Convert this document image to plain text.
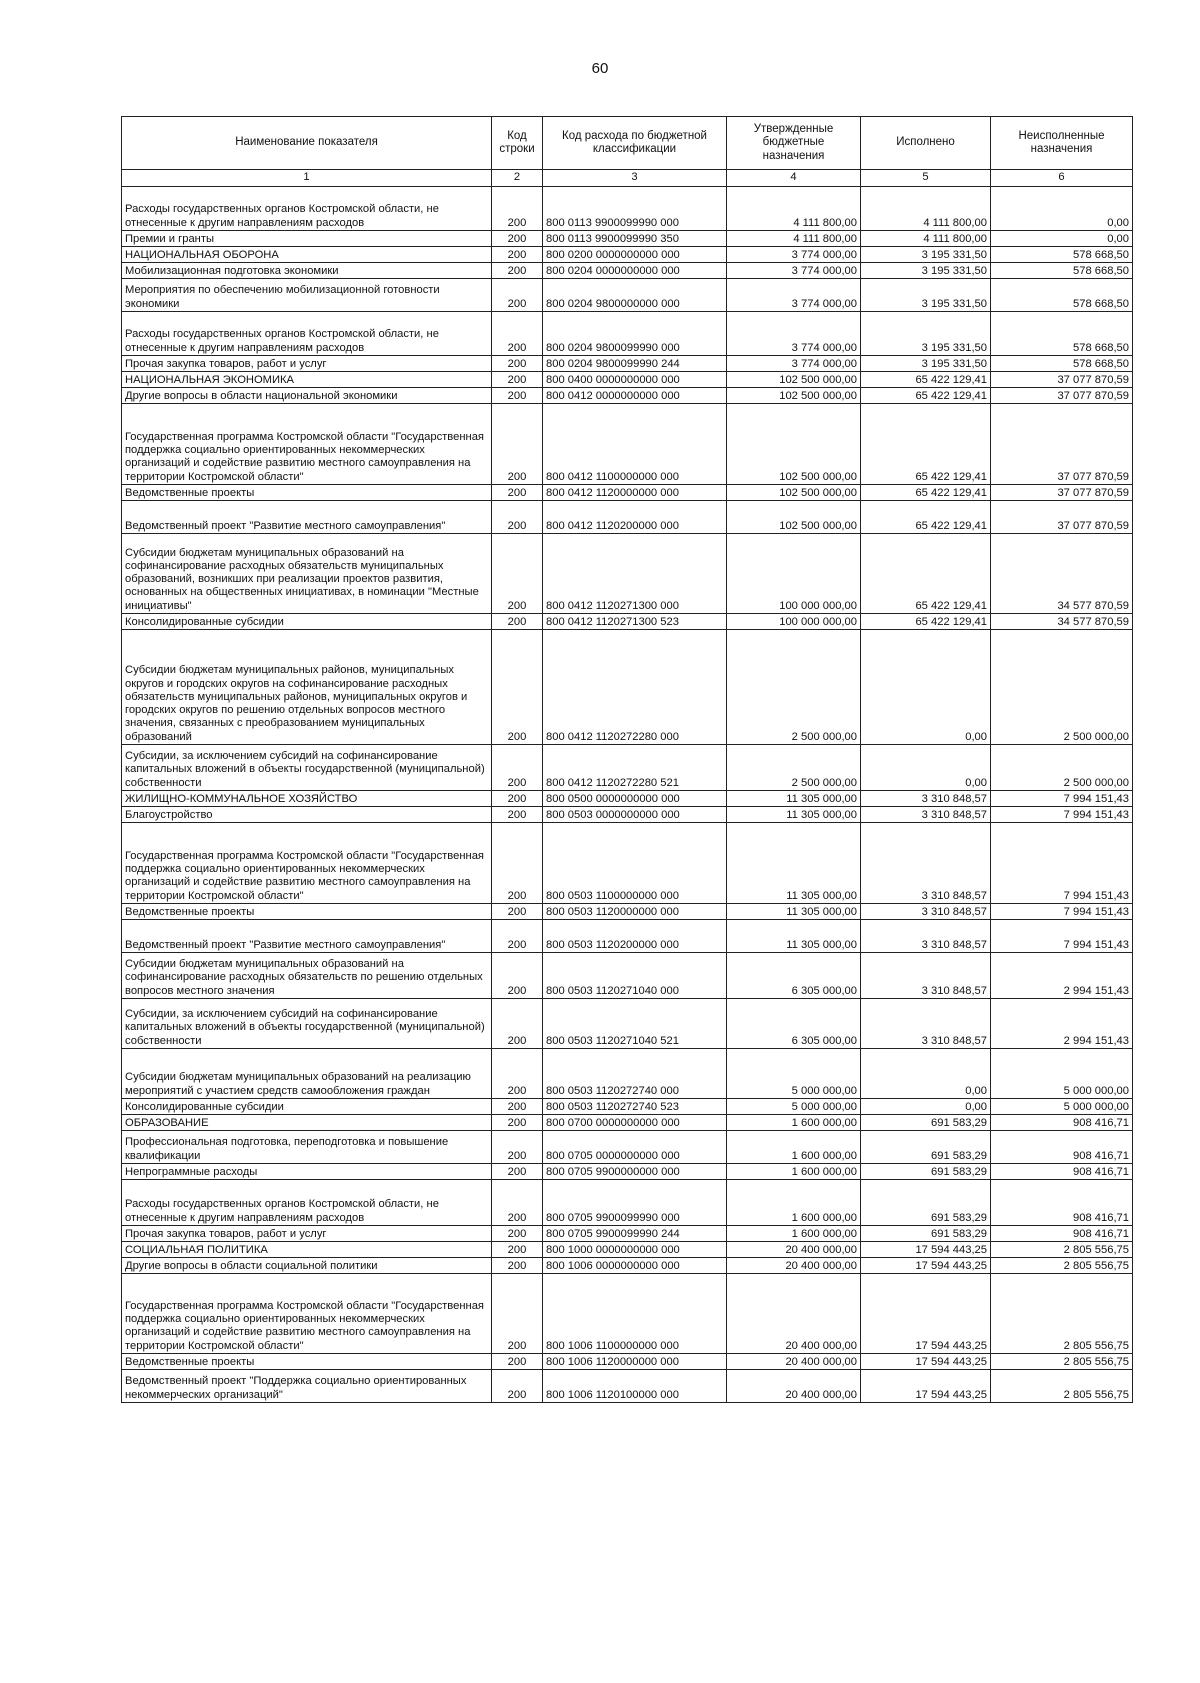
60
Наименование показателя	Код строки	Код расхода по бюджетной классификации	Утвержденные бюджетные назначения	Исполнено	Неисполненные назначения
1	2	3	4	5	6
Расходы государственных органов Костромской области, не отнесенные к другим направлениям расходов	200	800 0113 9900099990 000	4 111 800,00	4 111 800,00	0,00
Премии и гранты	200	800 0113 9900099990 350	4 111 800,00	4 111 800,00	0,00
НАЦИОНАЛЬНАЯ ОБОРОНА	200	800 0200 0000000000 000	3 774 000,00	3 195 331,50	578 668,50
Мобилизационная подготовка экономики	200	800 0204 0000000000 000	3 774 000,00	3 195 331,50	578 668,50
Мероприятия по обеспечению мобилизационной готовности экономики	200	800 0204 9800000000 000	3 774 000,00	3 195 331,50	578 668,50
Расходы государственных органов Костромской области, не отнесенные к другим направлениям расходов	200	800 0204 9800099990 000	3 774 000,00	3 195 331,50	578 668,50
Прочая закупка товаров, работ и услуг	200	800 0204 9800099990 244	3 774 000,00	3 195 331,50	578 668,50
НАЦИОНАЛЬНАЯ ЭКОНОМИКА	200	800 0400 0000000000 000	102 500 000,00	65 422 129,41	37 077 870,59
Другие вопросы в области национальной экономики	200	800 0412 0000000000 000	102 500 000,00	65 422 129,41	37 077 870,59
Государственная программа Костромской области "Государственная поддержка социально ориентированных некоммерческих организаций и содействие развитию местного самоуправления на территории Костромской области"	200	800 0412 1100000000 000	102 500 000,00	65 422 129,41	37 077 870,59
Ведомственные проекты	200	800 0412 1120000000 000	102 500 000,00	65 422 129,41	37 077 870,59
Ведомственный проект "Развитие местного самоуправления"	200	800 0412 1120200000 000	102 500 000,00	65 422 129,41	37 077 870,59
Субсидии бюджетам муниципальных образований на софинансирование расходных обязательств муниципальных образований, возникших при реализации проектов развития, основанных на общественных инициативах, в номинации "Местные инициативы"	200	800 0412 1120271300 000	100 000 000,00	65 422 129,41	34 577 870,59
Консолидированные субсидии	200	800 0412 1120271300 523	100 000 000,00	65 422 129,41	34 577 870,59
Субсидии бюджетам муниципальных районов, муниципальных округов и городских округов на софинансирование расходных обязательств муниципальных районов, муниципальных округов и городских округов по решению отдельных вопросов местного значения, связанных с преобразованием муниципальных образований	200	800 0412 1120272280 000	2 500 000,00	0,00	2 500 000,00
Субсидии, за исключением субсидий на софинансирование капитальных вложений в объекты государственной (муниципальной) собственности	200	800 0412 1120272280 521	2 500 000,00	0,00	2 500 000,00
ЖИЛИЩНО-КОММУНАЛЬНОЕ ХОЗЯЙСТВО	200	800 0500 0000000000 000	11 305 000,00	3 310 848,57	7 994 151,43
Благоустройство	200	800 0503 0000000000 000	11 305 000,00	3 310 848,57	7 994 151,43
Государственная программа Костромской области "Государственная поддержка социально ориентированных некоммерческих организаций и содействие развитию местного самоуправления на территории Костромской области"	200	800 0503 1100000000 000	11 305 000,00	3 310 848,57	7 994 151,43
Ведомственные проекты	200	800 0503 1120000000 000	11 305 000,00	3 310 848,57	7 994 151,43
Ведомственный проект "Развитие местного самоуправления"	200	800 0503 1120200000 000	11 305 000,00	3 310 848,57	7 994 151,43
Субсидии бюджетам муниципальных образований на софинансирование расходных обязательств по решению отдельных вопросов местного значения	200	800 0503 1120271040 000	6 305 000,00	3 310 848,57	2 994 151,43
Субсидии, за исключением субсидий на софинансирование капитальных вложений в объекты государственной (муниципальной) собственности	200	800 0503 1120271040 521	6 305 000,00	3 310 848,57	2 994 151,43
Субсидии бюджетам муниципальных образований на реализацию мероприятий с участием средств самообложения граждан	200	800 0503 1120272740 000	5 000 000,00	0,00	5 000 000,00
Консолидированные субсидии	200	800 0503 1120272740 523	5 000 000,00	0,00	5 000 000,00
ОБРАЗОВАНИЕ	200	800 0700 0000000000 000	1 600 000,00	691 583,29	908 416,71
Профессиональная подготовка, переподготовка и повышение квалификации	200	800 0705 0000000000 000	1 600 000,00	691 583,29	908 416,71
Непрограммные расходы	200	800 0705 9900000000 000	1 600 000,00	691 583,29	908 416,71
Расходы государственных органов Костромской области, не отнесенные к другим направлениям расходов	200	800 0705 9900099990 000	1 600 000,00	691 583,29	908 416,71
Прочая закупка товаров, работ и услуг	200	800 0705 9900099990 244	1 600 000,00	691 583,29	908 416,71
СОЦИАЛЬНАЯ ПОЛИТИКА	200	800 1000 0000000000 000	20 400 000,00	17 594 443,25	2 805 556,75
Другие вопросы в области социальной политики	200	800 1006 0000000000 000	20 400 000,00	17 594 443,25	2 805 556,75
Государственная программа Костромской области "Государственная поддержка социально ориентированных некоммерческих организаций и содействие развитию местного самоуправления на территории Костромской области"	200	800 1006 1100000000 000	20 400 000,00	17 594 443,25	2 805 556,75
Ведомственные проекты	200	800 1006 1120000000 000	20 400 000,00	17 594 443,25	2 805 556,75
Ведомственный проект "Поддержка социально ориентированных некоммерческих организаций"	200	800 1006 1120100000 000	20 400 000,00	17 594 443,25	2 805 556,75
